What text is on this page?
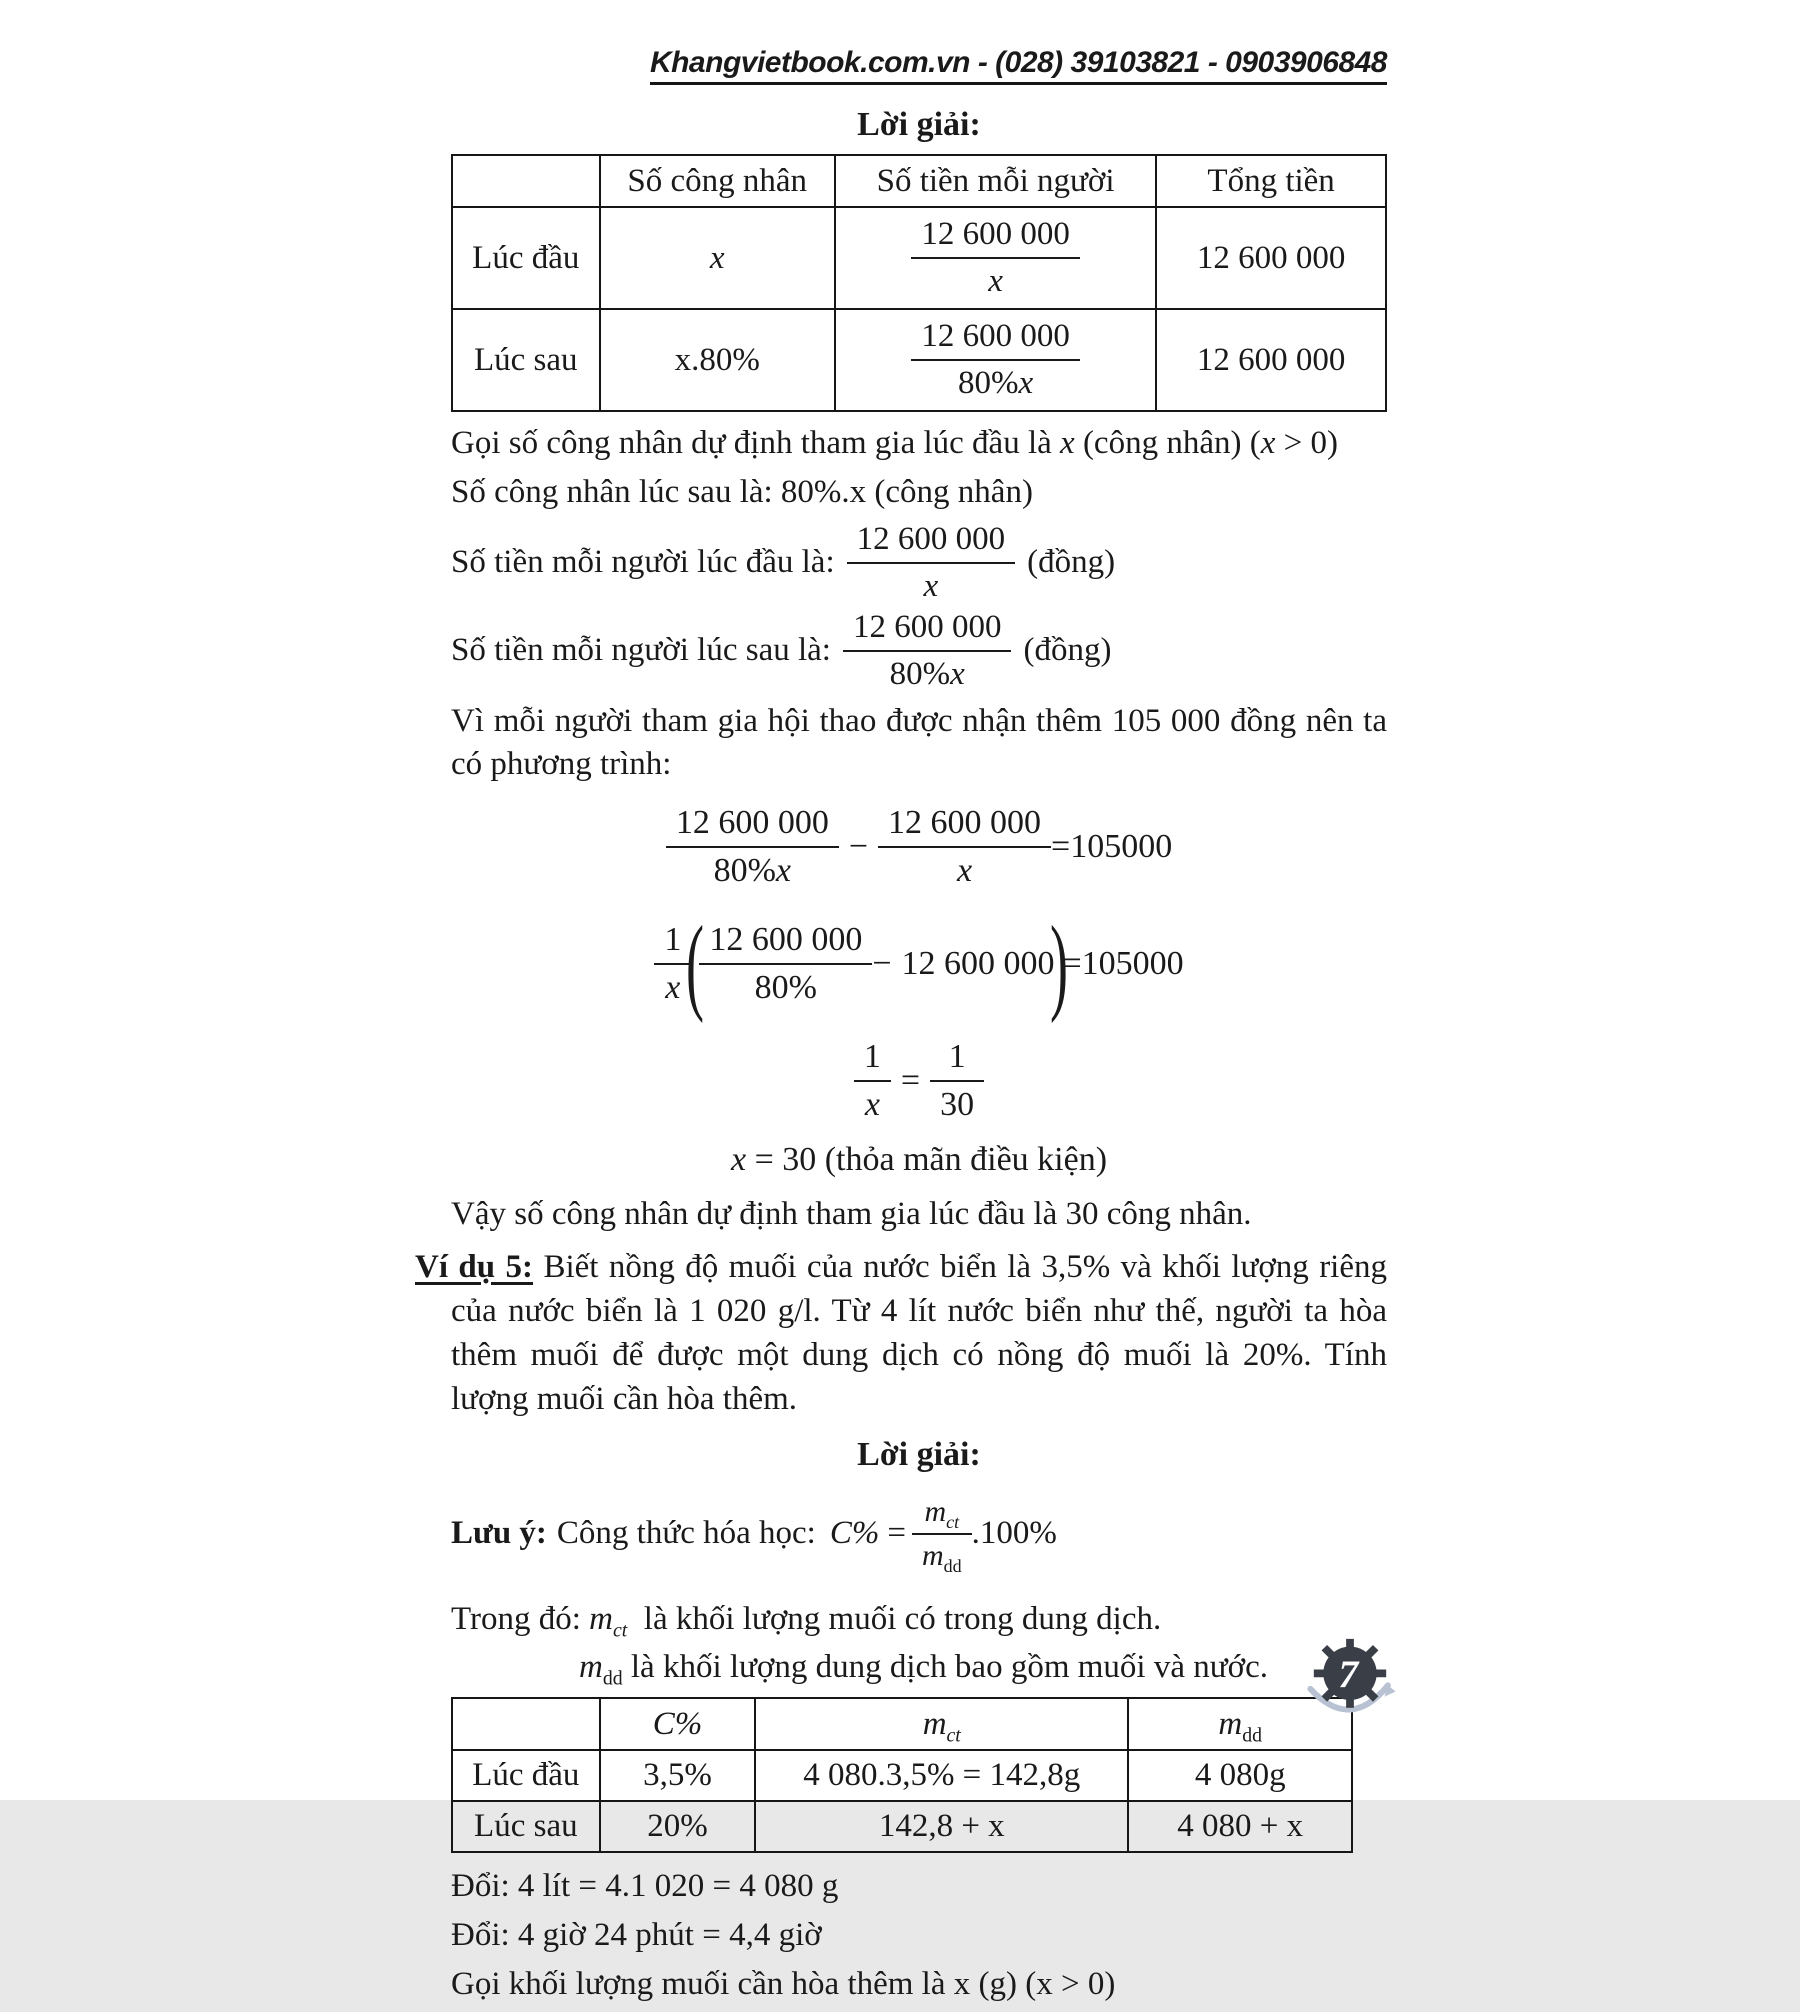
Khangvietbook.com.vn - (028) 39103821 - 0903906848
Lời giải:
	Số công nhân	Số tiền mỗi người	Tổng tiền
Lúc đầu	x	$\frac{12 600 000}{x}$	12 600 000
Lúc sau	x.80%	$\frac{12 600 000}{80\%x}$	12 600 000

Gọi số công nhân dự định tham gia lúc đầu là x (công nhân) (x > 0)

Số công nhân lúc sau là: 80%.x (công nhân)

Số tiền mỗi người lúc đầu là: $\frac{12 600 000}{x}$ (đồng)
Số tiền mỗi người lúc sau là: $\frac{12 600 000}{80\%x}$ (đồng)

Vì mỗi người tham gia hội thao được nhận thêm 105 000 đồng nên ta có phương trình:

$\frac{12 600 000}{80\%x} - \frac{12 600 000}{x} = 105000$
$\frac{1}{x}$
(
$\frac{12 600 000}{80\%} - 12$ 600 000
)
= 105000
$\frac{1}{x} = \frac{1}{30}$
x = 30 (thỏa mãn điều kiện)

Vậy số công nhân dự định tham gia lúc đầu là 30 công nhân.

Ví dụ 5: Biết nồng độ muối của nước biển là 3,5% và khối lượng riêng của nước biển là 1 020 g/l. Từ 4 lít nước biển như thế, người ta hòa thêm muối để được một dung dịch có nồng độ muối là 20%. Tính lượng muối cần hòa thêm.

Lời giải:
Lưu ý: Công thức hóa học: $C\% = \frac{m_{ct}}{m_{dd}} .100\%$

Trong đó: $m_{ct}$ là khối lượng muối có trong dung dịch.

$m_{dd}$ là khối lượng dung dịch bao gồm muối và nước.

	C%	$m_{ct}$	$m_{dd}$
Lúc đầu	3,5%	4 080.3,5% = 142,8g	4 080g
Lúc sau	20%	142,8 + x	4 080 + x

Đổi: 4 lít = 4.1 020 = 4 080 g

Đổi: 4 giờ 24 phút = 4,4 giờ

Gọi khối lượng muối cần hòa thêm là x (g) (x > 0)

7
